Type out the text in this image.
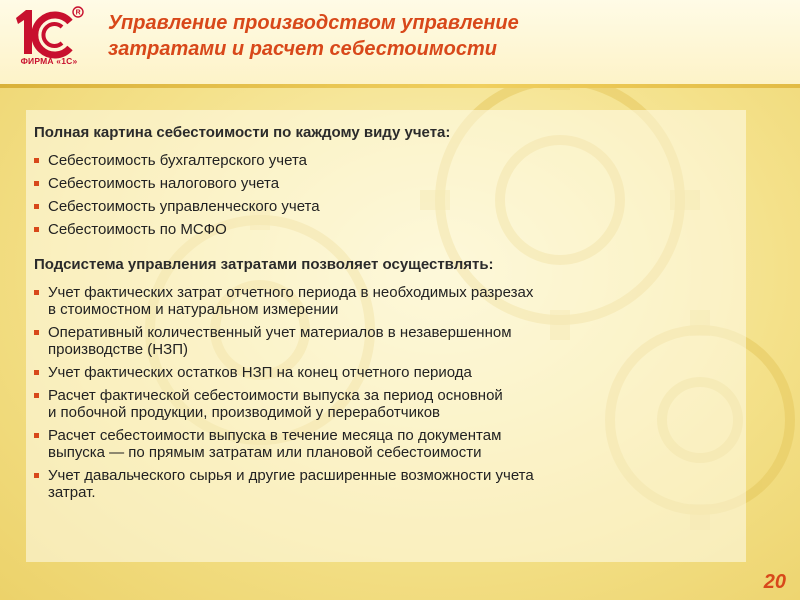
R
ФИРМА «1С»
Управление производством управление
затратами и расчет себестоимости
Полная картина себестоимости по каждому виду учета:
Себестоимость бухгалтерского учета
Себестоимость налогового учета
Себестоимость управленческого учета
Себестоимость по МСФО
Подсистема управления затратами позволяет осуществлять:
Учет фактических затрат отчетного периода в необходимых разрезах
в стоимостном и натуральном измерении
Оперативный количественный учет материалов в незавершенном
производстве (НЗП)
Учет фактических остатков НЗП на конец отчетного периода
Расчет фактической себестоимости выпуска за период основной
и побочной продукции, производимой у переработчиков
Расчет себестоимости выпуска в течение месяца по документам
выпуска — по прямым затратам или плановой себестоимости
Учет давальческого сырья и другие расширенные возможности учета
затрат.
20
